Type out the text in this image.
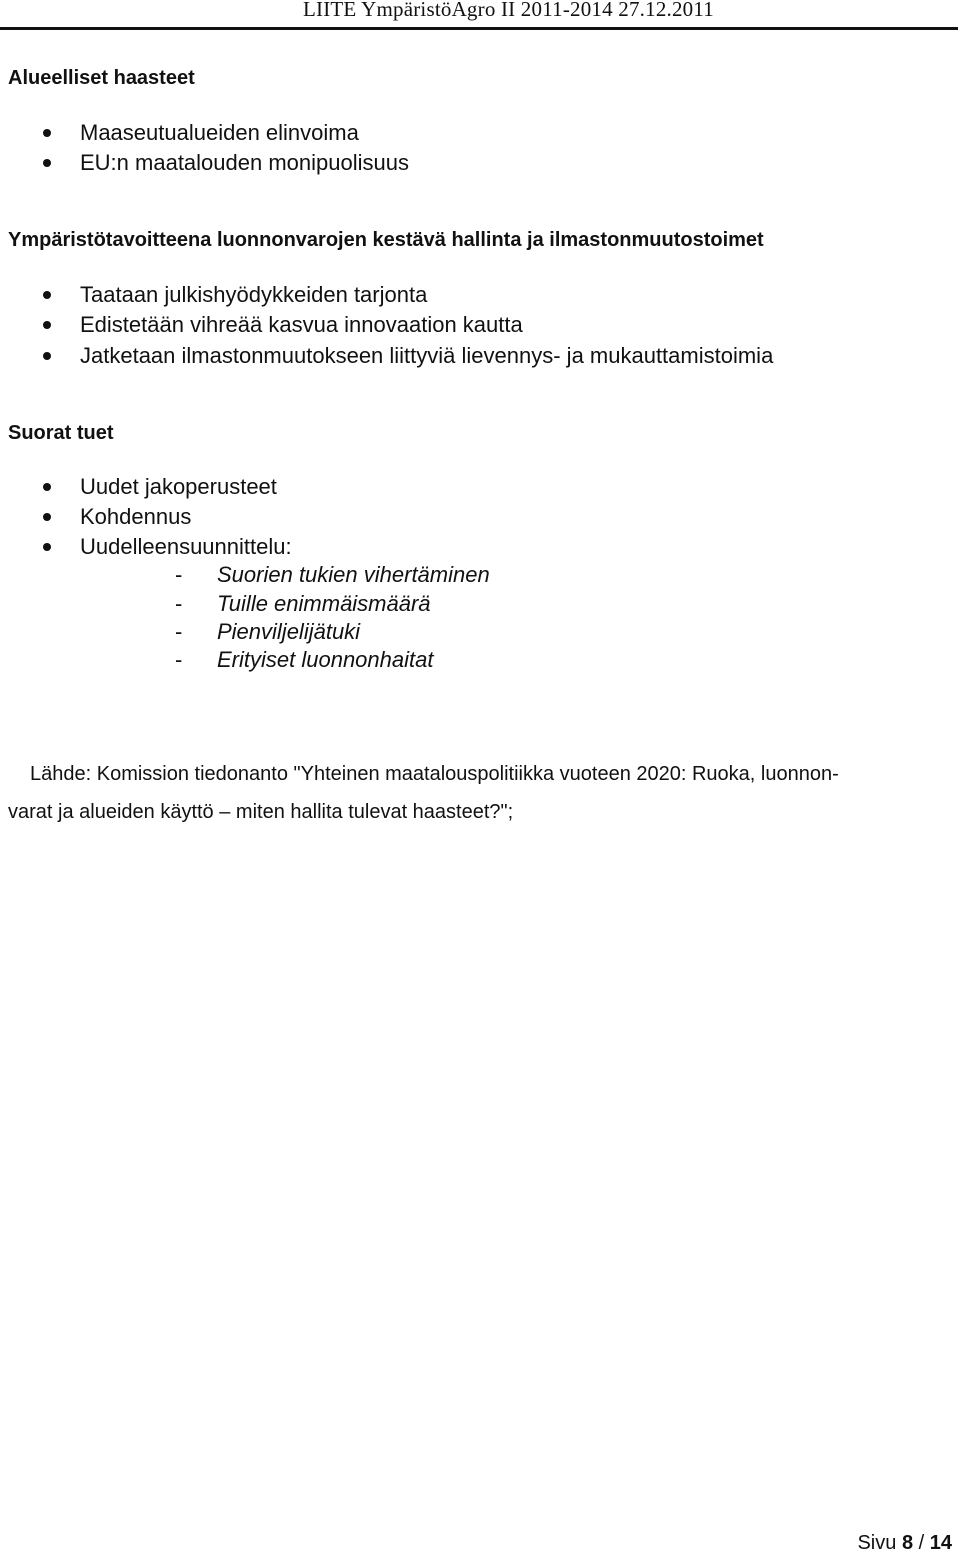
LIITE YmpäristöAgro II 2011-2014 27.12.2011
Alueelliset haasteet
Maaseutualueiden elinvoima
EU:n maatalouden monipuolisuus
Ympäristötavoitteena luonnonvarojen kestävä hallinta ja ilmastonmuutostoimet
Taataan julkishyödykkeiden tarjonta
Edistetään vihreää kasvua innovaation kautta
Jatketaan ilmastonmuutokseen liittyviä lievennys- ja mukauttamistoimia
Suorat tuet
Uudet jakoperusteet
Kohdennus
Uudelleensuunnittelu:
-	Suorien tukien vihertäminen
-	Tuille enimmäismäärä
-	Pienviljelijätuki
-	Erityiset luonnonhaitat
Lähde: Komission tiedonanto "Yhteinen maatalouspolitiikka vuoteen 2020: Ruoka, luonnon-
varat ja alueiden käyttö – miten hallita tulevat haasteet?";
Sivu 8 / 14
